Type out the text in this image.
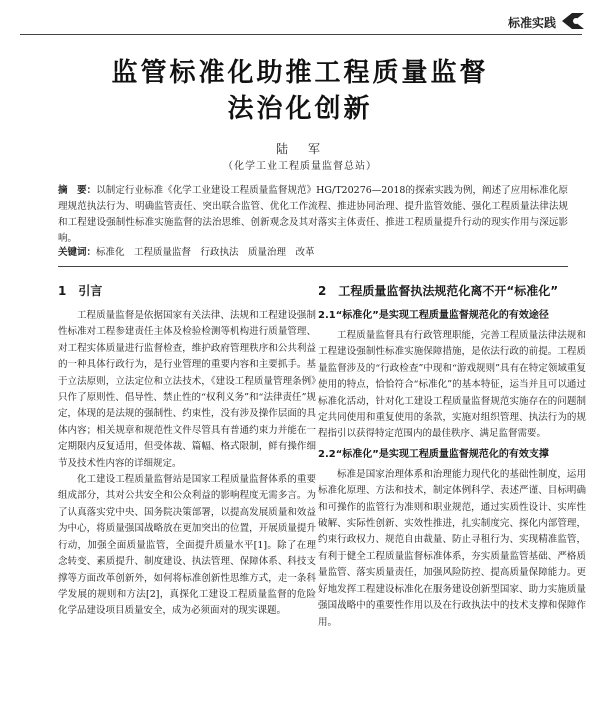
标准实践
监管标准化助推工程质量监督
法治化创新
陆　军
（化学工业工程质量监督总站）
摘　要：以制定行业标准《化学工业建设工程质量监督规范》HG/T20276—2018的探索实践为例，阐述了应用标准化原理规范执法行为、明确监管责任、突出联合监管、优化工作流程、推进协同治理、提升监管效能、强化工程质量法律法规和工程建设强制性标准实施监督的法治思维、创新观念及其对落实主体责任、推进工程质量提升行动的现实作用与深远影响。
关键词：标准化　工程质量监督　行政执法　质量治理　改革
1　引言

工程质量监督是依据国家有关法律、法规和工程建设强制性标准对工程参建责任主体及检验检测等机构进行质量管理、对工程实体质量进行监督检查，维护政府管理秩序和公共利益的一种具体行政行为，是行业管理的重要内容和主要抓手。基于立法原则，立法定位和立法技术，《建设工程质量管理条例》只作了原则性、倡导性、禁止性的“权利义务”和“法律责任”规定，体现的是法规的强制性、约束性，没有涉及操作层面的具体内容；相关规章和规范性文件尽管具有普通约束力并能在一定期限内反复适用，但受体裁、篇幅、格式限制，鲜有操作细节及技术性内容的详细规定。

化工建设工程质量监督站是国家工程质量监督体系的重要组成部分，其对公共安全和公众利益的影响程度无需多言。为了认真落实党中央、国务院决策部署，以提高发展质量和效益为中心，将质量强国战略放在更加突出的位置，开展质量提升行动，加强全面质量监管，全面提升质量水平[1]。除了在理念转变、素质提升、制度建设、执法管理、保障体系、科技支撑等方面改革创新外，如何将标准创新性思维方式，走一条科学发展的规则和方法[2]，真探化工建设工程质量监督的危险化学品建设项目质量安全，成为必须面对的现实课题。

2　工程质量监督执法规范化离不开“标准化”
2.1“标准化”是实现工程质量监督规范化的有效途径

工程质量监督具有行政管理职能，完善工程质量法律法规和工程建设强制性标准实施保障措施，是依法行政的前提。工程质量监督涉及的“行政检查”中现和“游戏规则”具有在特定领域重复使用的特点，恰恰符合“标准化”的基本特征，运当并且可以通过标准化活动，针对化工建设工程质量监督规范实施存在的问题制定共同使用和重复使用的条款，实施对组织管理、执法行为的规程指引以获得特定范围内的最佳秩序、满足监督需要。

2.2“标准化”是实现工程质量监督规范化的有效支撑

标准是国家治理体系和治理能力现代化的基础性制度，运用标准化原理、方法和技术，制定体例科学、表述严谨、目标明确和可操作的监管行为准则和职业规范，通过实质性设计、实库性破解、实际性创新、实效性推进，扎实制度完、探化内部管理，约束行政权力、规范自由裁量、防止寻租行为、实现精准监管，有利于健全工程质量监督标准体系，夯实质量监管基础、严格质量监管、落实质量责任，加强风险防控、提高质量保障能力。更好地发挥工程建设标准化在服务建设创新型国家、助力实施质量强国战略中的重要性作用以及在行政执法中的技术支撑和保障作用。
